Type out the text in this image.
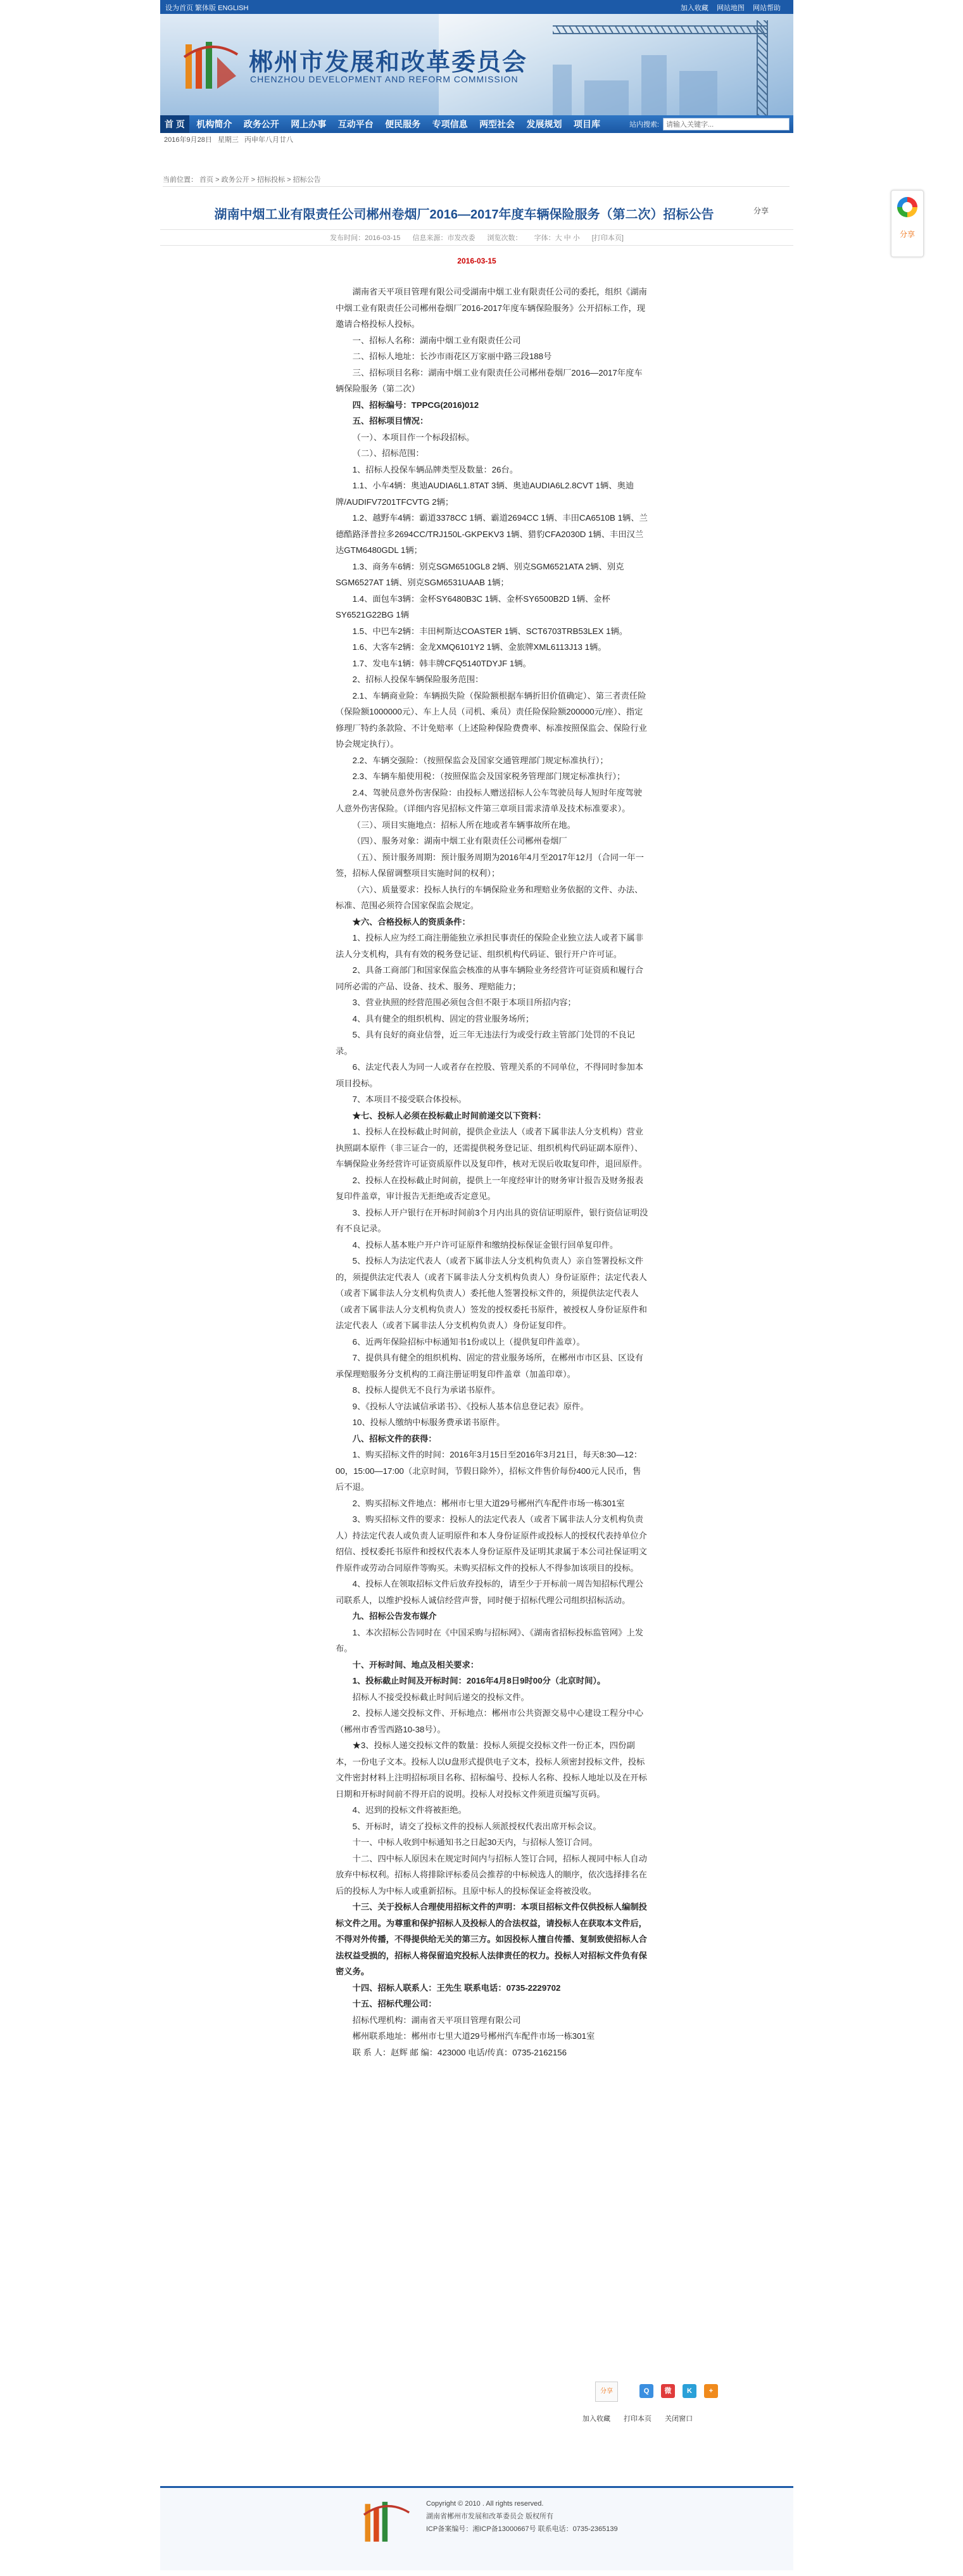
设为首页 繁体版 ENGLISH	加入收藏 网站地图 网站帮助
郴州市发展和改革委员会
CHENZHOU DEVELOPMENT AND REFORM COMMISSION
首 页 机构简介 政务公开 网上办事 互动平台 便民服务 专项信息 两型社会 发展规划 项目库	站内搜索:	请输入关键字...
2016年9月28日 星期三 丙申年八月廿八
当前位置： 首页 > 政务公开 > 招标投标 > 招标公告
湖南中烟工业有限责任公司郴州卷烟厂2016—2017年度车辆保险服务（第二次）招标公告	分享
发布时间：2016-03-15 信息来源：市发改委 浏览次数： 字体：大 中 小 [打印本页]
2016-03-15

湖南省天平项目管理有限公司受湖南中烟工业有限责任公司的委托，组织《湖南中烟工业有限责任公司郴州卷烟厂2016-2017年度车辆保险服务》公开招标工作，现邀请合格投标人投标。

一、招标人名称：湖南中烟工业有限责任公司

二、招标人地址：长沙市雨花区万家丽中路三段188号

三、招标项目名称：湖南中烟工业有限责任公司郴州卷烟厂2016—2017年度车辆保险服务（第二次）

四、招标编号：TPPCG(2016)012

五、招标项目情况：

（一）、本项目作一个标段招标。

（二）、招标范围：

1、招标人投保车辆品牌类型及数量：26台。

1.1、小车4辆：奥迪AUDIA6L1.8TAT 3辆、奥迪AUDIA6L2.8CVT 1辆、奥迪牌/AUDIFV7201TFCVTG 2辆；

1.2、越野车4辆：霸道3378CC 1辆、霸道2694CC 1辆、丰田CA6510B 1辆、兰德酷路泽普拉多2694CC/TRJ150L-GKPEKV3 1辆、猎豹CFA2030D 1辆、丰田汉兰达GTM6480GDL 1辆；

1.3、商务车6辆：别克SGM6510GL8 2辆、别克SGM6521ATA 2辆、别克SGM6527AT 1辆、别克SGM6531UAAB 1辆；

1.4、面包车3辆：金杯SY6480B3C 1辆、金杯SY6500B2D 1辆、金杯SY6521G22BG 1辆

1.5、中巴车2辆：丰田柯斯达COASTER 1辆、SCT6703TRB53LEX 1辆。

1.6、大客车2辆：金龙XMQ6101Y2 1辆、金旅牌XML6113J13 1辆。

1.7、发电车1辆：韩丰牌CFQ5140TDYJF 1辆。

2、招标人投保车辆保险服务范围：

2.1、车辆商业险：车辆损失险（保险额根据车辆折旧价值确定）、第三者责任险（保险额1000000元）、车上人员（司机、乘员）责任险保险额200000元/座）、指定修理厂特约条款险、不计免赔率（上述险种保险费费率、标准按照保监会、保险行业协会规定执行）。

2.2、车辆交强险：（按照保监会及国家交通管理部门规定标准执行）；

2.3、车辆车船使用税：（按照保监会及国家税务管理部门规定标准执行）；

2.4、驾驶员意外伤害保险：由投标人赠送招标人公车驾驶员每人短时年度驾驶人意外伤害保险。（详细内容见招标文件第三章项目需求清单及技术标准要求）。

（三）、项目实施地点：招标人所在地或者车辆事故所在地。

（四）、服务对象：湖南中烟工业有限责任公司郴州卷烟厂

（五）、预计服务周期：预计服务周期为2016年4月至2017年12月（合同一年一签，招标人保留调整项目实施时间的权利）；

（六）、质量要求：投标人执行的车辆保险业务和理赔业务依据的文件、办法、标准、范围必须符合国家保监会规定。

★六、合格投标人的资质条件：

1、投标人应为经工商注册能独立承担民事责任的保险企业独立法人或者下属非法人分支机构，具有有效的税务登记证、组织机构代码证、银行开户许可证。

2、具备工商部门和国家保监会核准的从事车辆险业务经营许可证资质和履行合同所必需的产品、设备、技术、服务、理赔能力；

3、营业执照的经营范围必须包含但不限于本项目所招内容；

4、具有健全的组织机构、固定的营业服务场所；

5、具有良好的商业信誉，近三年无违法行为或受行政主管部门处罚的不良记录。

6、法定代表人为同一人或者存在控股、管理关系的不同单位，不得同时参加本项目投标。

7、本项目不接受联合体投标。

★七、投标人必须在投标截止时间前递交以下资料：

1、投标人在投标截止时间前，提供企业法人（或者下属非法人分支机构）营业执照副本原件（非三证合一的，还需提供税务登记证、组织机构代码证副本原件）、车辆保险业务经营许可证资质原件以及复印件，核对无误后收取复印件，退回原件。

2、投标人在投标截止时间前，提供上一年度经审计的财务审计报告及财务报表复印件盖章，审计报告无拒绝或否定意见。

3、投标人开户银行在开标时间前3个月内出具的资信证明原件，银行资信证明没有不良记录。

4、投标人基本账户开户许可证原件和缴纳投标保证金银行回单复印件。

5、投标人为法定代表人（或者下属非法人分支机构负责人）亲自签署投标文件的，须提供法定代表人（或者下属非法人分支机构负责人）身份证原件；法定代表人（或者下属非法人分支机构负责人）委托他人签署投标文件的，须提供法定代表人（或者下属非法人分支机构负责人）签发的授权委托书原件，被授权人身份证原件和法定代表人（或者下属非法人分支机构负责人）身份证复印件。

6、近两年保险招标中标通知书1份或以上（提供复印件盖章）。

7、提供具有健全的组织机构、固定的营业服务场所，在郴州市市区县、区设有承保理赔服务分支机构的工商注册证明复印件盖章（加盖印章）。

8、投标人提供无不良行为承诺书原件。

9、《投标人守法诚信承诺书》、《投标人基本信息登记表》原件。

10、投标人缴纳中标服务费承诺书原件。

八、招标文件的获得：

1、购买招标文件的时间：2016年3月15日至2016年3月21日，每天8:30—12：00，15:00—17:00（北京时间，节假日除外），招标文件售价每份400元人民币，售后不退。

2、购买招标文件地点：郴州市七里大道29号郴州汽车配件市场一栋301室

3、购买招标文件的要求：投标人的法定代表人（或者下属非法人分支机构负责人）持法定代表人或负责人证明原件和本人身份证原件或投标人的授权代表持单位介绍信、授权委托书原件和授权代表本人身份证原件及证明其隶属于本公司社保证明文件原件或劳动合同原件等购买。未购买招标文件的投标人不得参加该项目的投标。

4、投标人在领取招标文件后放弃投标的，请至少于开标前一周告知招标代理公司联系人，以维护投标人诚信经营声誉，同时便于招标代理公司组织招标活动。

九、招标公告发布媒介

1、本次招标公告同时在《中国采购与招标网》、《湖南省招标投标监管网》上发布。

十、开标时间、地点及相关要求：

1、投标截止时间及开标时间：2016年4月8日9时00分（北京时间）。

招标人不接受投标截止时间后递交的投标文件。

2、投标人递交投标文件、开标地点：郴州市公共资源交易中心建设工程分中心（郴州市香雪西路10-38号）。

★3、投标人递交投标文件的数量：投标人须提交投标文件一份正本，四份副本，一份电子文本。投标人以U盘形式提供电子文本，投标人须密封投标文件，投标文件密封材料上注明招标项目名称、招标编号、投标人名称、投标人地址以及在开标日期和开标时间前不得开启的说明。投标人对投标文件须进页编写页码。

4、迟到的投标文件将被拒绝。

5、开标时，请交了投标文件的投标人须派授权代表出席开标会议。

十一、中标人收到中标通知书之日起30天内，与招标人签订合同。

十二、四中标人原因未在规定时间内与招标人签订合同，招标人视同中标人自动放弃中标权利。招标人将排除评标委员会推荐的中标候选人的顺序，依次选择排名在后的投标人为中标人或重新招标。且原中标人的投标保证金将被没收。

十三、关于投标人合理使用招标文件的声明：本项目招标文件仅供投标人编制投标文件之用。为尊重和保护招标人及投标人的合法权益，请投标人在获取本文件后，不得对外传播，不得提供给无关的第三方。如因投标人擅自传播、复制致使招标人合法权益受损的，招标人将保留追究投标人法律责任的权力。投标人对招标文件负有保密义务。

十四、招标人联系人：王先生 联系电话：0735-2229702

十五、招标代理公司：

招标代理机构：湖南省天平项目管理有限公司

郴州联系地址：郴州市七里大道29号郴州汽车配件市场一栋301室

联 系 人：赵辉 邮 编：423000 电话/传真：0735-2162156

分享
分享	Q	微	K	+
加入收藏 打印本页 关闭窗口
Copyright © 2010 . All rights reserved.
湖南省郴州市发展和改革委员会 版权所有
ICP备案编号：湘ICP备13000667号 联系电话：0735-2365139
